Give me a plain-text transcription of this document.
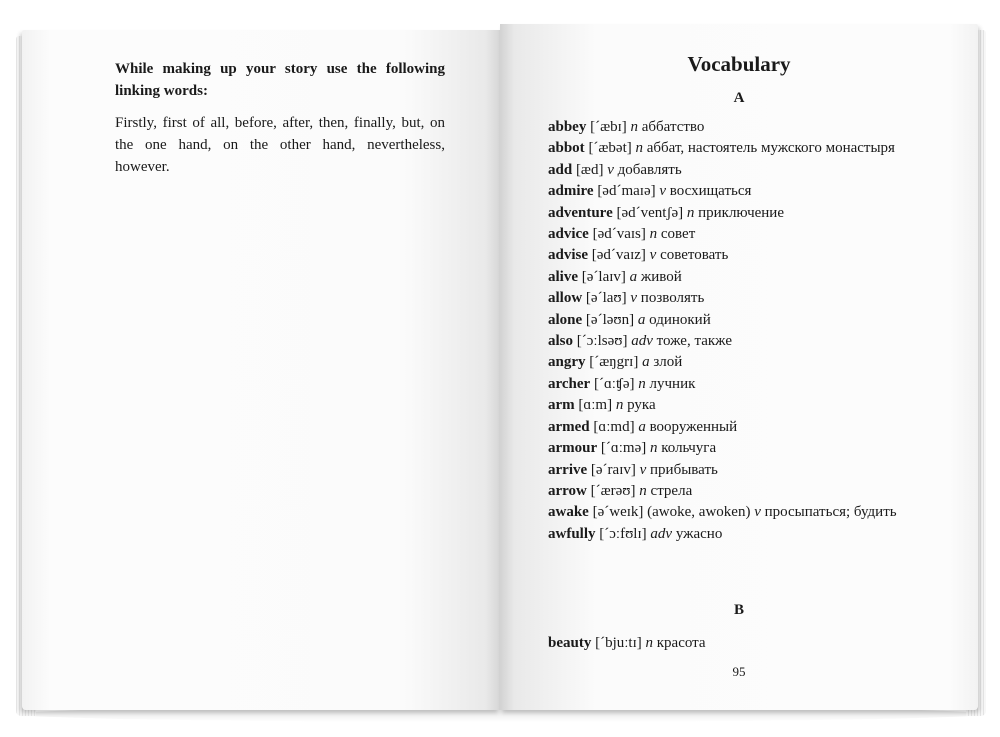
While making up your story use the following linking words:

Firstly, first of all, before, after, then, finally, but, on the one hand, on the other hand, nevertheless, however.

Vocabulary
A
abbey [ˊæbɪ] n аббатство
abbot [ˊæbət] n аббат, настоятель мужского монастыря
add [æd] v добавлять
admire [ədˊmaɪə] v восхищаться
adventure [ədˊventʃə] n приключение
advice [ədˊvaɪs] n совет
advise [ədˊvaɪz] v советовать
alive [əˊlaɪv] a живой
allow [əˊlaʊ] v позволять
alone [əˊləʊn] a одинокий
also [ˊɔːlsəʊ] adv тоже, также
angry [ˊæŋgrɪ] a злой
archer [ˊɑːʧə] n лучник
arm [ɑːm] n рука
armed [ɑːmd] a вооруженный
armour [ˊɑːmə] n кольчуга
arrive [əˊraɪv] v прибывать
arrow [ˊærəʊ] n стрела
awake [əˊweɪk] (awoke, awoken) v просыпаться; будить
awfully [ˊɔːfʊlɪ] adv ужасно
B
beauty [ˊbjuːtɪ] n красота
95
